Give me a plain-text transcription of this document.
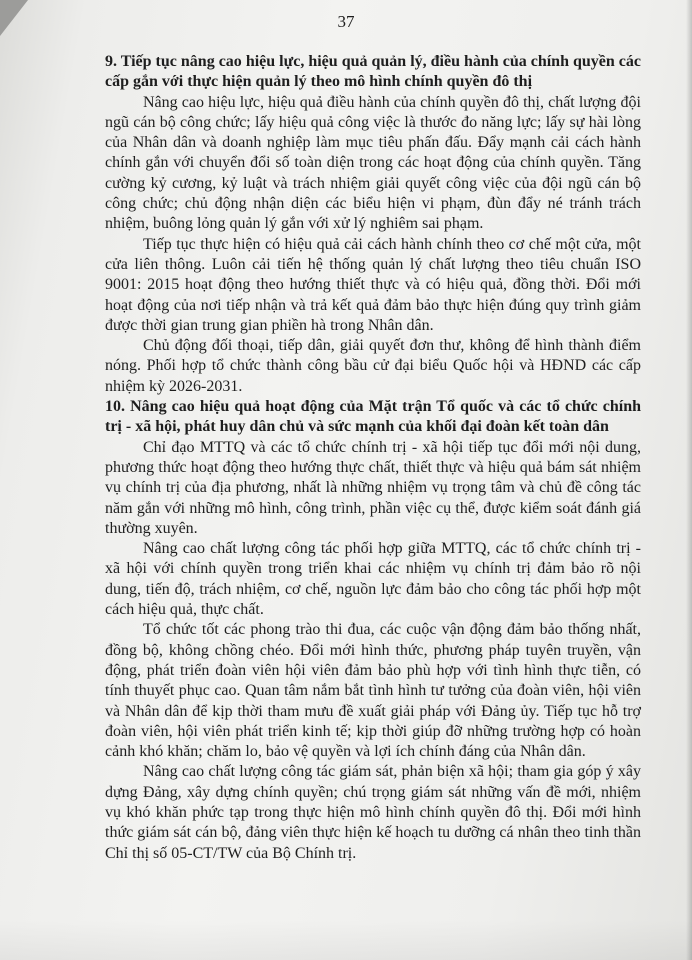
37
9. Tiếp tục nâng cao hiệu lực, hiệu quả quản lý, điều hành của chính quyền các cấp gắn với thực hiện quản lý theo mô hình chính quyền đô thị

Nâng cao hiệu lực, hiệu quả điều hành của chính quyền đô thị, chất lượng đội ngũ cán bộ công chức; lấy hiệu quả công việc là thước đo năng lực; lấy sự hài lòng của Nhân dân và doanh nghiệp làm mục tiêu phấn đấu. Đẩy mạnh cải cách hành chính gắn với chuyển đổi số toàn diện trong các hoạt động của chính quyền. Tăng cường kỷ cương, kỷ luật và trách nhiệm giải quyết công việc của đội ngũ cán bộ công chức; chủ động nhận diện các biểu hiện vi phạm, đùn đẩy né tránh trách nhiệm, buông lỏng quản lý gắn với xử lý nghiêm sai phạm.

Tiếp tục thực hiện có hiệu quả cải cách hành chính theo cơ chế một cửa, một cửa liên thông. Luôn cải tiến hệ thống quản lý chất lượng theo tiêu chuẩn ISO 9001: 2015 hoạt động theo hướng thiết thực và có hiệu quả, đồng thời. Đổi mới hoạt động của nơi tiếp nhận và trả kết quả đảm bảo thực hiện đúng quy trình giảm được thời gian trung gian phiền hà trong Nhân dân.

Chủ động đối thoại, tiếp dân, giải quyết đơn thư, không để hình thành điểm nóng. Phối hợp tổ chức thành công bầu cử đại biểu Quốc hội và HĐND các cấp nhiệm kỳ 2026-2031.

10. Nâng cao hiệu quả hoạt động của Mặt trận Tổ quốc và các tổ chức chính trị - xã hội, phát huy dân chủ và sức mạnh của khối đại đoàn kết toàn dân

Chỉ đạo MTTQ và các tổ chức chính trị - xã hội tiếp tục đổi mới nội dung, phương thức hoạt động theo hướng thực chất, thiết thực và hiệu quả bám sát nhiệm vụ chính trị của địa phương, nhất là những nhiệm vụ trọng tâm và chủ đề công tác năm gắn với những mô hình, công trình, phần việc cụ thể, được kiểm soát đánh giá thường xuyên.

Nâng cao chất lượng công tác phối hợp giữa MTTQ, các tổ chức chính trị - xã hội với chính quyền trong triển khai các nhiệm vụ chính trị đảm bảo rõ nội dung, tiến độ, trách nhiệm, cơ chế, nguồn lực đảm bảo cho công tác phối hợp một cách hiệu quả, thực chất.

Tổ chức tốt các phong trào thi đua, các cuộc vận động đảm bảo thống nhất, đồng bộ, không chồng chéo. Đổi mới hình thức, phương pháp tuyên truyền, vận động, phát triển đoàn viên hội viên đảm bảo phù hợp với tình hình thực tiễn, có tính thuyết phục cao. Quan tâm nắm bắt tình hình tư tưởng của đoàn viên, hội viên và Nhân dân để kịp thời tham mưu đề xuất giải pháp với Đảng ủy. Tiếp tục hỗ trợ đoàn viên, hội viên phát triển kinh tế; kịp thời giúp đỡ những trường hợp có hoàn cảnh khó khăn; chăm lo, bảo vệ quyền và lợi ích chính đáng của Nhân dân.

Nâng cao chất lượng công tác giám sát, phản biện xã hội; tham gia góp ý xây dựng Đảng, xây dựng chính quyền; chú trọng giám sát những vấn đề mới, nhiệm vụ khó khăn phức tạp trong thực hiện mô hình chính quyền đô thị. Đổi mới hình thức giám sát cán bộ, đảng viên thực hiện kế hoạch tu dưỡng cá nhân theo tinh thần Chỉ thị số 05-CT/TW của Bộ Chính trị.
